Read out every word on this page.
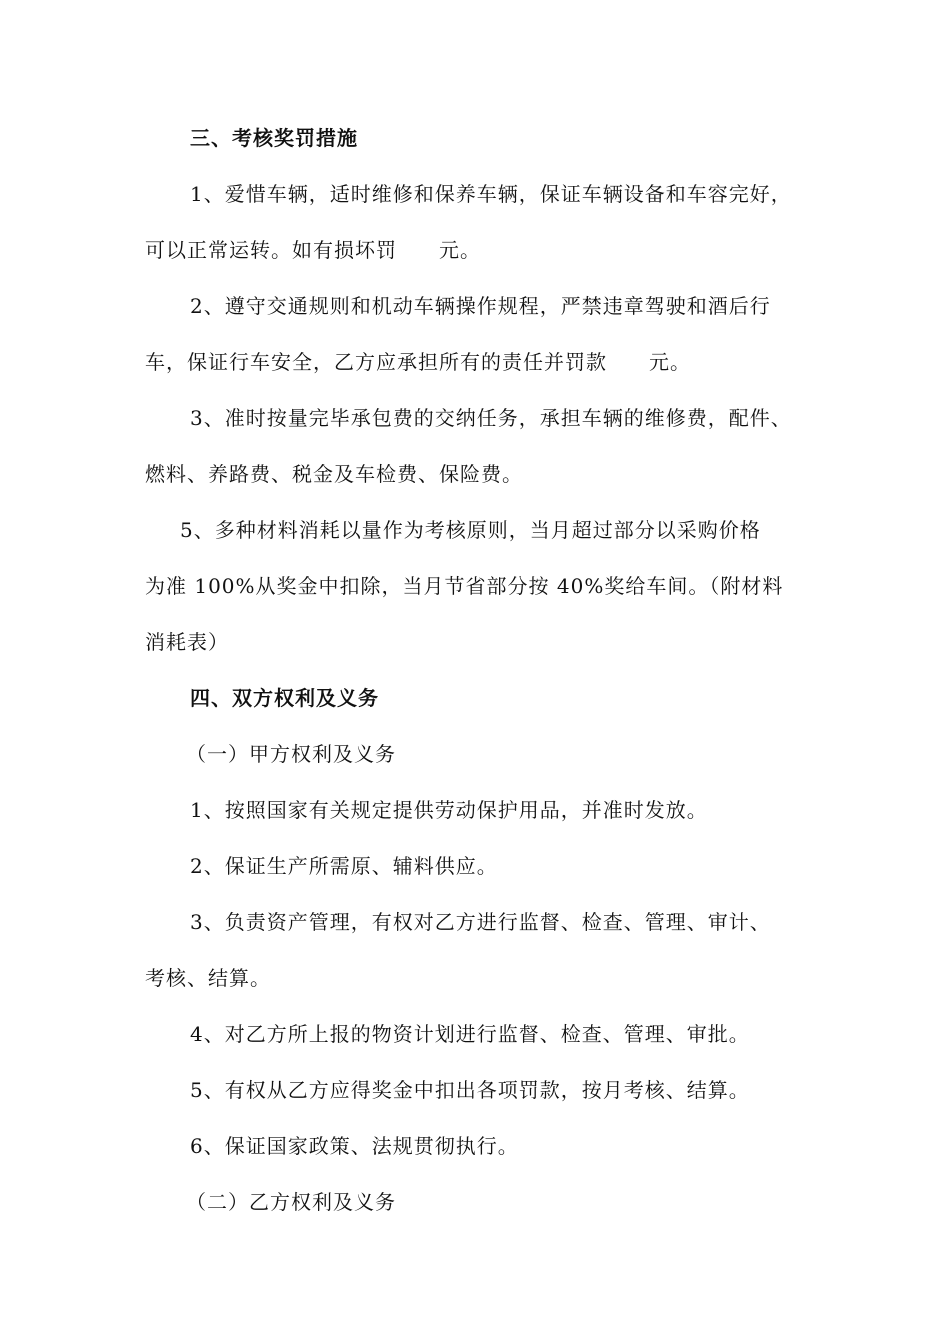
三、考核奖罚措施
1、爱惜车辆，适时维修和保养车辆，保证车辆设备和车容完好，
可以正常运转。如有损坏罚　　元。
2、遵守交通规则和机动车辆操作规程，严禁违章驾驶和酒后行
车，保证行车安全，乙方应承担所有的责任并罚款　　元。
3、准时按量完毕承包费的交纳任务，承担车辆的维修费，配件、
燃料、养路费、税金及车检费、保险费。
5、多种材料消耗以量作为考核原则，当月超过部分以采购价格
为准 100%从奖金中扣除，当月节省部分按 40%奖给车间。（附材料
消耗表）
四、双方权利及义务
（一）甲方权利及义务
1、按照国家有关规定提供劳动保护用品，并准时发放。
2、保证生产所需原、辅料供应。
3、负责资产管理，有权对乙方进行监督、检查、管理、审计、
考核、结算。
4、对乙方所上报的物资计划进行监督、检查、管理、审批。
5、有权从乙方应得奖金中扣出各项罚款，按月考核、结算。
6、保证国家政策、法规贯彻执行。
（二）乙方权利及义务
